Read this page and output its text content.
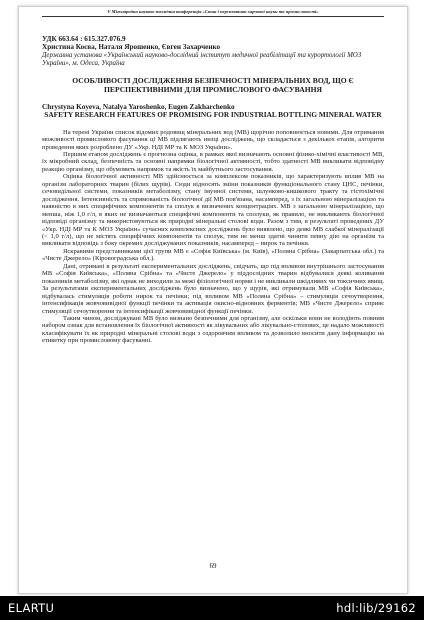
V Міжнародна науково-технічна конференція «Стан і перспективи харчової науки та промисловості»
УДК 663.64 : 615.327.076.9
Христина Коєва, Наталя Ярошенко, Євген Захарченко
Державна установа «Український науково-дослідний інститут медичної реабілітації та курортології МОЗ України», м. Одеса, Україна
ОСОБЛИВОСТІ ДОСЛІДЖЕННЯ БЕЗПЕЧНОСТІ МІНЕРАЛЬНИХ ВОД, ЩО Є ПЕРСПЕКТИВНИМИ ДЛЯ ПРОМИСЛОВОГО ФАСУВАННЯ
Chrystyna Koyeva, Natalya Yaroshenko, Eugen Zakharchenko
SAFETY RESEARCH FEATURES OF PROMISING FOR INDUSTRIAL BOTTLING MINERAL WATER

На терені України список відомих родовищ мінеральних вод (МВ) щорічно поповнюється новими. Для отримання можливості промислового фасування ці МВ підлягають низці досліджень, що складається з декількох етапів, алгоритм проведення яких розроблено ДУ «Укр. НДІ МР та К МОЗ України».

Першим етапом досліджень є прогнозна оцінка, в рамках якої визначають основні фізико-хімічні властивості МВ, їх мікробний склад, безпечність та основні напрямки біологічної активності, тобто здатності МВ викликати відповідну реакцію організму, що обумовить напрямок та якість їх майбутнього застосування.

Оцінка біологічної активності МВ здійснюється за комплексом показників, що характеризують вплив МВ на організм лабораторних тварин (білих щурів). Сюди відносять зміни показників функціонального стану ЦНС, печінки, сечовидільної системи, показників метаболізму, стану імунної системи, шлунково-кишкового тракту та гістохімічні дослідження. Інтенсивність та спрямованість біологічної дії МВ пов'язана, насамперед, з їх загальною мінералізацією та наявністю в них специфічних компонентів та сполук в визначених концентраціях. МВ з загальною мінералізацією, що менша, ніж 1,0 г/л, в яких не визначаються специфічні компоненти та сполуки, як правило, не викликають біологічної відповіді організму та використовуються як природні мінеральні столові води. Разом з тим, в результаті проведених ДУ «Укр. НДІ МР та К МОЗ України» сучасних комплексних досліджень було виявлено, що деякі МВ слабкої мінералізації (< 1,0 г/л), що не містять специфічних компонентів та сполук, тим не менш здатні чинити певну дію на організм та викликати відповідь з боку окремих досліджуваних показників, насамперед – нирок та печінки.

Яскравими представниками цієї групи МВ є «Софія Київська» (м. Київ), «Поляна Срібна» (Закарпатська обл.) та «Чисте Джерело» (Кіровоградська обл.).

Дані, отримані в результаті експериментальних досліджень, свідчать, що під впливом внутрішнього застосування МВ «Софія Київська», «Поляна Срібна» та «Чисте Джерело» у піддослідних тварин відбувалися деякі коливання показників метаболізму, які однак не виходили за межі фізіологічної норми і не викликали шкідливих чи токсичних явищ. За результатами експериментальних досліджень було визначено, що у щурів, які отримували МВ «Софія Київська», відбувалась стимуляція роботи нирок та печінки; під впливом МВ «Поляна Срібна» – стимуляція сечоутворення, інтенсифікація жовчовивідної функції печінки та активація окисно-відновних ферментів; МВ «Чисте Джерело» сприяє стимуляції сечоутворення та інтенсифікації жовчовивідної функції печінки.

Таким чином, досліджувані МВ було визнано безпечними для організму, але оскільки вони не володіють повним набором ознак для встановлення їх біологічної активності як лікувальних або лікувально-столових, це надало можливості класифікувати їх як природні мінеральні столові води з оздоровчим впливом та дозволило вносити дану інформацію на етикетку при промисловому фасуванні.

69
ELARTU	hdl:lib/29162
